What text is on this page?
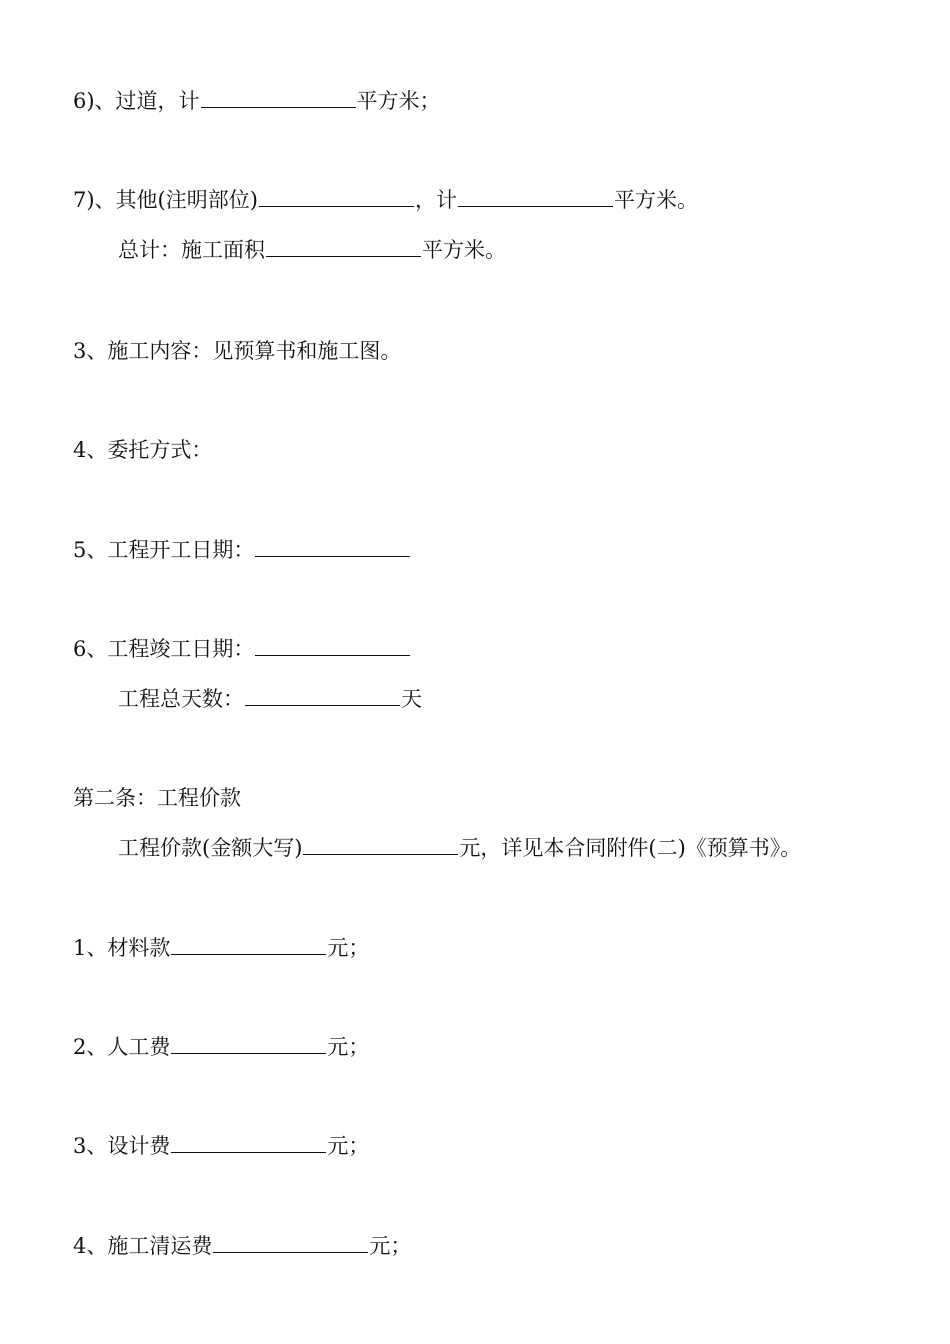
6)、过道，计	平方米；
7)、其他(注明部位)	，计	平方米。
总计：施工面积	平方米。
3、施工内容：见预算书和施工图。
4、委托方式：
5、工程开工日期：
6、工程竣工日期：
工程总天数：	天
第二条：工程价款
工程价款(金额大写)	元，详见本合同附件(二)《预算书》。
1、材料款	元；
2、人工费	元；
3、设计费	元；
4、施工清运费	元；
